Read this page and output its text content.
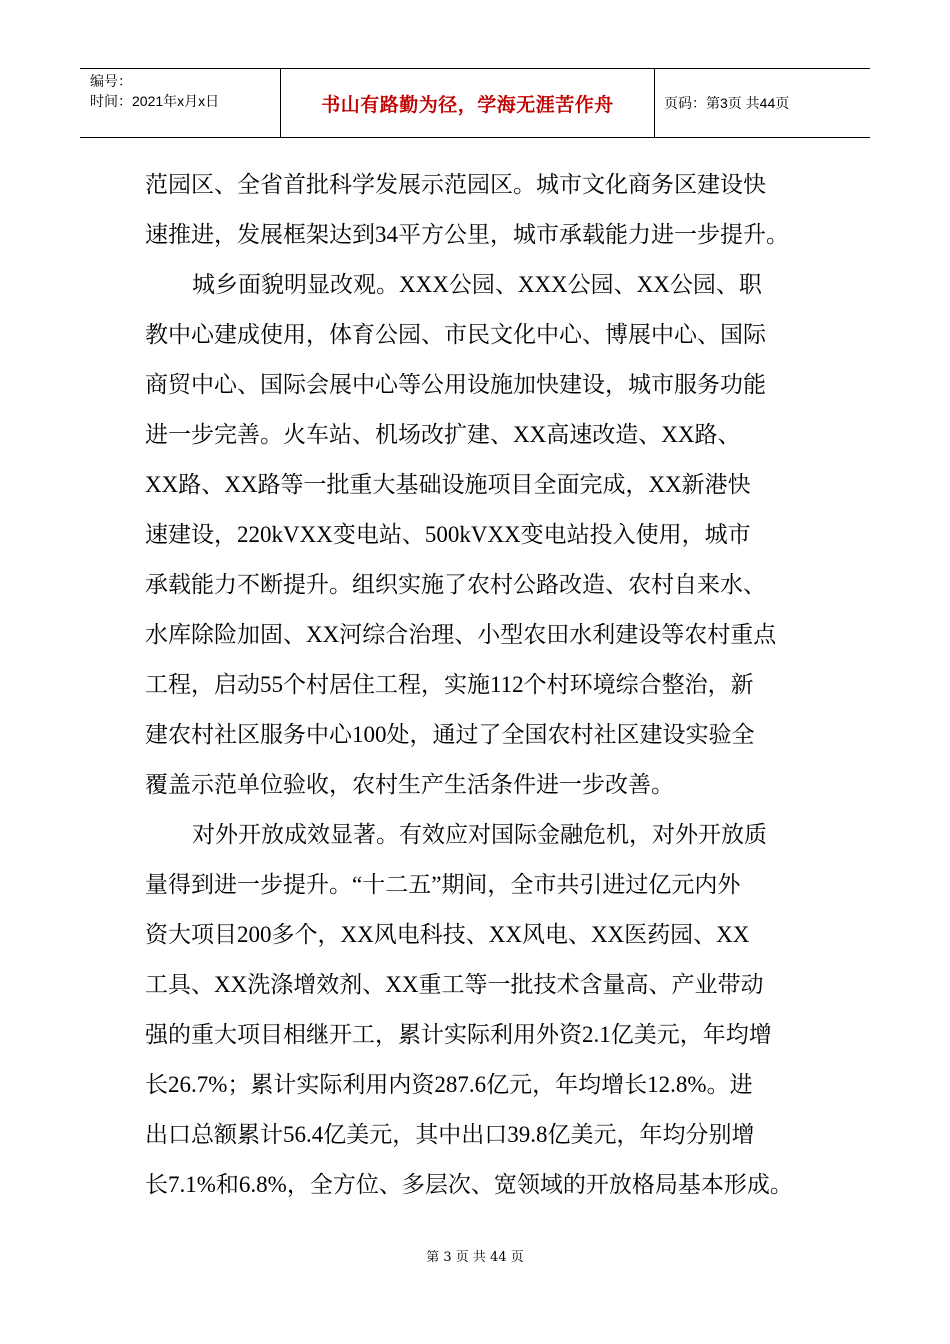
编号：
时间：2021年x月x日	书山有路勤为径，学海无涯苦作舟	页码：第3页 共44页
范园区、全省首批科学发展示范园区。城市文化商务区建设快
速推进，发展框架达到34平方公里，城市承载能力进一步提升。
城乡面貌明显改观。XXX公园、XXX公园、XX公园、职
教中心建成使用，体育公园、市民文化中心、博展中心、国际
商贸中心、国际会展中心等公用设施加快建设，城市服务功能
进一步完善。火车站、机场改扩建、XX高速改造、XX路、
XX路、XX路等一批重大基础设施项目全面完成，XX新港快
速建设，220kVXX变电站、500kVXX变电站投入使用，城市
承载能力不断提升。组织实施了农村公路改造、农村自来水、
水库除险加固、XX河综合治理、小型农田水利建设等农村重点
工程，启动55个村居住工程，实施112个村环境综合整治，新
建农村社区服务中心100处，通过了全国农村社区建设实验全
覆盖示范单位验收，农村生产生活条件进一步改善。
对外开放成效显著。有效应对国际金融危机，对外开放质
量得到进一步提升。“十二五”期间，全市共引进过亿元内外
资大项目200多个，XX风电科技、XX风电、XX医药园、XX
工具、XX洗涤增效剂、XX重工等一批技术含量高、产业带动
强的重大项目相继开工，累计实际利用外资2.1亿美元，年均增
长26.7%；累计实际利用内资287.6亿元，年均增长12.8%。进
出口总额累计56.4亿美元，其中出口39.8亿美元，年均分别增
长7.1%和6.8%，全方位、多层次、宽领域的开放格局基本形成。
第 3 页 共 44 页
